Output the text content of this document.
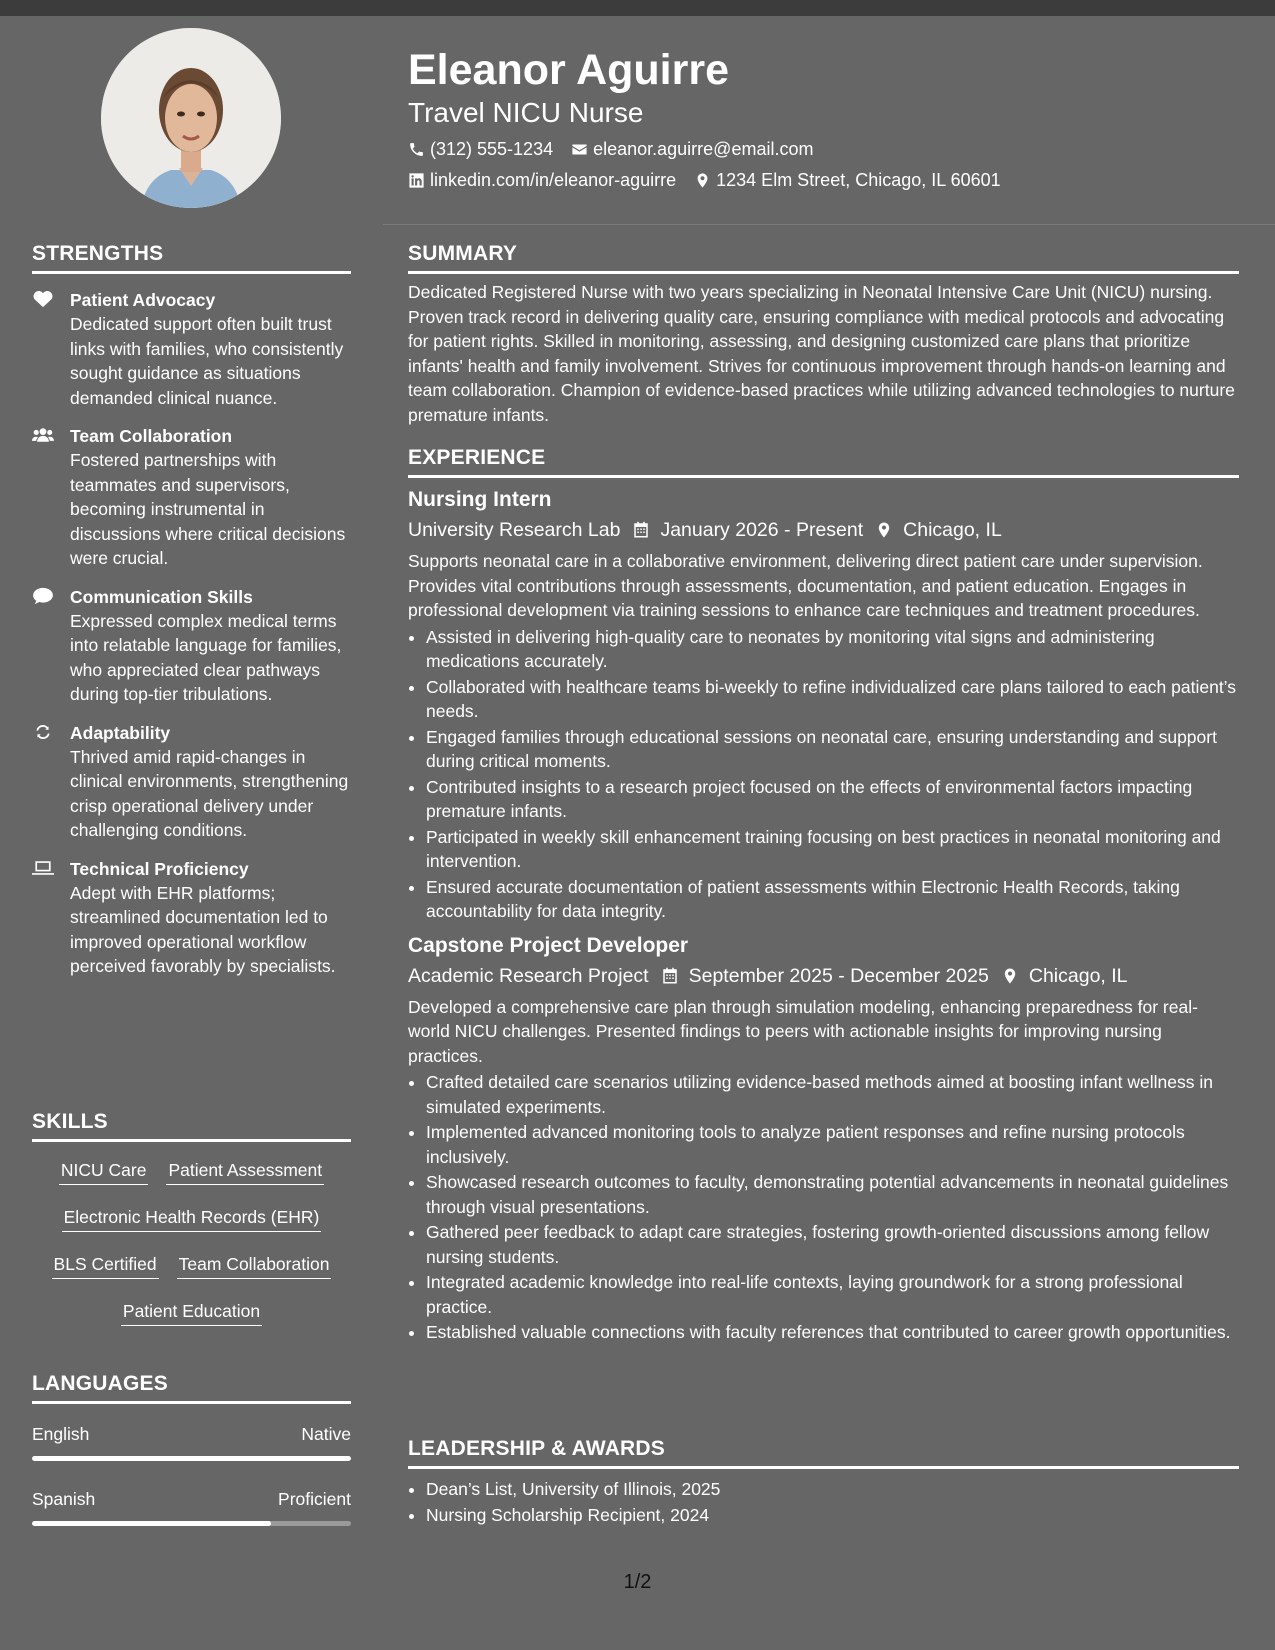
Eleanor Aguirre
Travel NICU Nurse
(312) 555-1234 eleanor.aguirre@email.com
linkedin.com/in/eleanor-aguirre 1234 Elm Street, Chicago, IL 60601
STRENGTHS
Patient Advocacy
Dedicated support often built trust links with families, who consistently sought guidance as situations demanded clinical nuance.
Team Collaboration
Fostered partnerships with teammates and supervisors, becoming instrumental in discussions where critical decisions were crucial.
Communication Skills
Expressed complex medical terms into relatable language for families, who appreciated clear pathways during top-tier tribulations.
Adaptability
Thrived amid rapid-changes in clinical environments, strengthening crisp operational delivery under challenging conditions.
Technical Proficiency
Adept with EHR platforms; streamlined documentation led to improved operational workflow perceived favorably by specialists.
SKILLS
NICU Care Patient Assessment
Electronic Health Records (EHR)
BLS Certified Team Collaboration
Patient Education
LANGUAGES
English	Native
Spanish	Proficient
SUMMARY
Dedicated Registered Nurse with two years specializing in Neonatal Intensive Care Unit (NICU) nursing. Proven track record in delivering quality care, ensuring compliance with medical protocols and advocating for patient rights. Skilled in monitoring, assessing, and designing customized care plans that prioritize infants' health and family involvement. Strives for continuous improvement through hands-on learning and team collaboration. Champion of evidence-based practices while utilizing advanced technologies to nurture premature infants.
EXPERIENCE
Nursing Intern
University Research Lab January 2026 - Present Chicago, IL
Supports neonatal care in a collaborative environment, delivering direct patient care under supervision. Provides vital contributions through assessments, documentation, and patient education. Engages in professional development via training sessions to enhance care techniques and treatment procedures.
• Assisted in delivering high-quality care to neonates by monitoring vital signs and administering medications accurately.
• Collaborated with healthcare teams bi-weekly to refine individualized care plans tailored to each patient’s needs.
• Engaged families through educational sessions on neonatal care, ensuring understanding and support during critical moments.
• Contributed insights to a research project focused on the effects of environmental factors impacting premature infants.
• Participated in weekly skill enhancement training focusing on best practices in neonatal monitoring and intervention.
• Ensured accurate documentation of patient assessments within Electronic Health Records, taking accountability for data integrity.
Capstone Project Developer
Academic Research Project September 2025 - December 2025 Chicago, IL
Developed a comprehensive care plan through simulation modeling, enhancing preparedness for real-world NICU challenges. Presented findings to peers with actionable insights for improving nursing practices.
• Crafted detailed care scenarios utilizing evidence-based methods aimed at boosting infant wellness in simulated experiments.
• Implemented advanced monitoring tools to analyze patient responses and refine nursing protocols inclusively.
• Showcased research outcomes to faculty, demonstrating potential advancements in neonatal guidelines through visual presentations.
• Gathered peer feedback to adapt care strategies, fostering growth-oriented discussions among fellow nursing students.
• Integrated academic knowledge into real-life contexts, laying groundwork for a strong professional practice.
• Established valuable connections with faculty references that contributed to career growth opportunities.
LEADERSHIP & AWARDS
• Dean’s List, University of Illinois, 2025
• Nursing Scholarship Recipient, 2024
1/2
